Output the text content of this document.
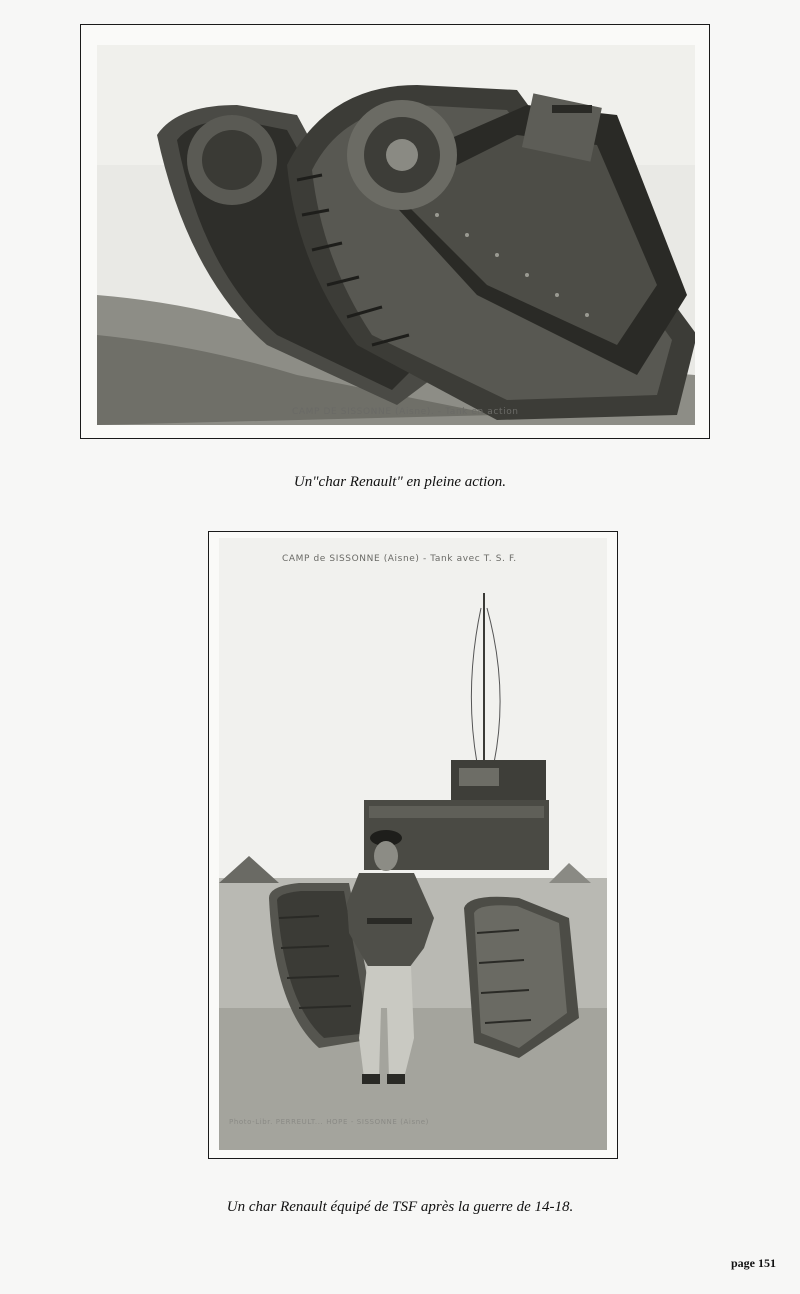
CAMP DE SISSONNE (Aisne). - Tank en action
Un"char Renault" en pleine action.
CAMP de SISSONNE (Aisne) - Tank avec T. S. F.
Photo-Libr. PERREULT... HOPE - SISSONNE (Aisne)
Un char Renault équipé de TSF après la guerre de 14-18.
page 151
